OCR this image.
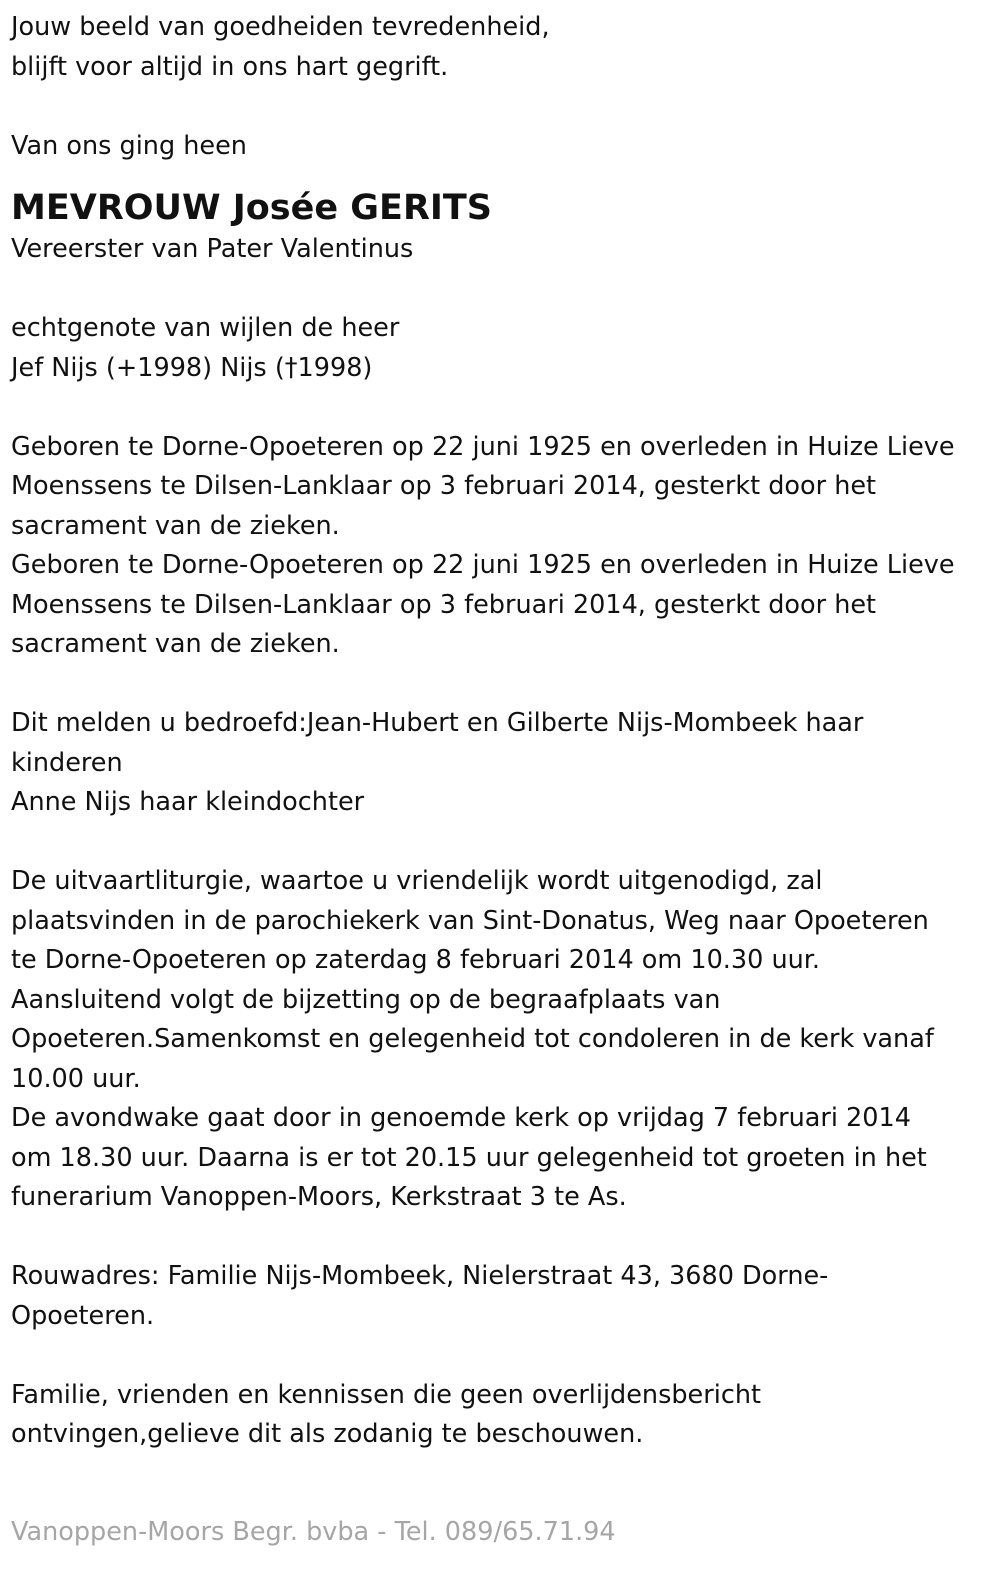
Jouw beeld van goedheiden tevredenheid,

blijft voor altijd in ons hart gegrift.

Van ons ging heen

MEVROUW Josée GERITS

Vereerster van Pater Valentinus

echtgenote van wijlen de heer

Jef Nijs (+1998) Nijs (†1998)

Geboren te Dorne-Opoeteren op 22 juni 1925 en overleden in Huize Lieve

Moenssens te Dilsen-Lanklaar op 3 februari 2014, gesterkt door het

sacrament van de zieken.

Geboren te Dorne-Opoeteren op 22 juni 1925 en overleden in Huize Lieve

Moenssens te Dilsen-Lanklaar op 3 februari 2014, gesterkt door het

sacrament van de zieken.

Dit melden u bedroefd:Jean-Hubert en Gilberte Nijs-Mombeek haar

kinderen

Anne Nijs haar kleindochter

De uitvaartliturgie, waartoe u vriendelijk wordt uitgenodigd, zal

plaatsvinden in de parochiekerk van Sint-Donatus, Weg naar Opoeteren

te Dorne-Opoeteren op zaterdag 8 februari 2014 om 10.30 uur.

Aansluitend volgt de bijzetting op de begraafplaats van

Opoeteren.Samenkomst en gelegenheid tot condoleren in de kerk vanaf

10.00 uur.

De avondwake gaat door in genoemde kerk op vrijdag 7 februari 2014

om 18.30 uur. Daarna is er tot 20.15 uur gelegenheid tot groeten in het

funerarium Vanoppen-Moors, Kerkstraat 3 te As.

Rouwadres: Familie Nijs-Mombeek, Nielerstraat 43, 3680 Dorne-

Opoeteren.

Familie, vrienden en kennissen die geen overlijdensbericht

ontvingen,gelieve dit als zodanig te beschouwen.

Vanoppen-Moors Begr. bvba - Tel. 089/65.71.94
